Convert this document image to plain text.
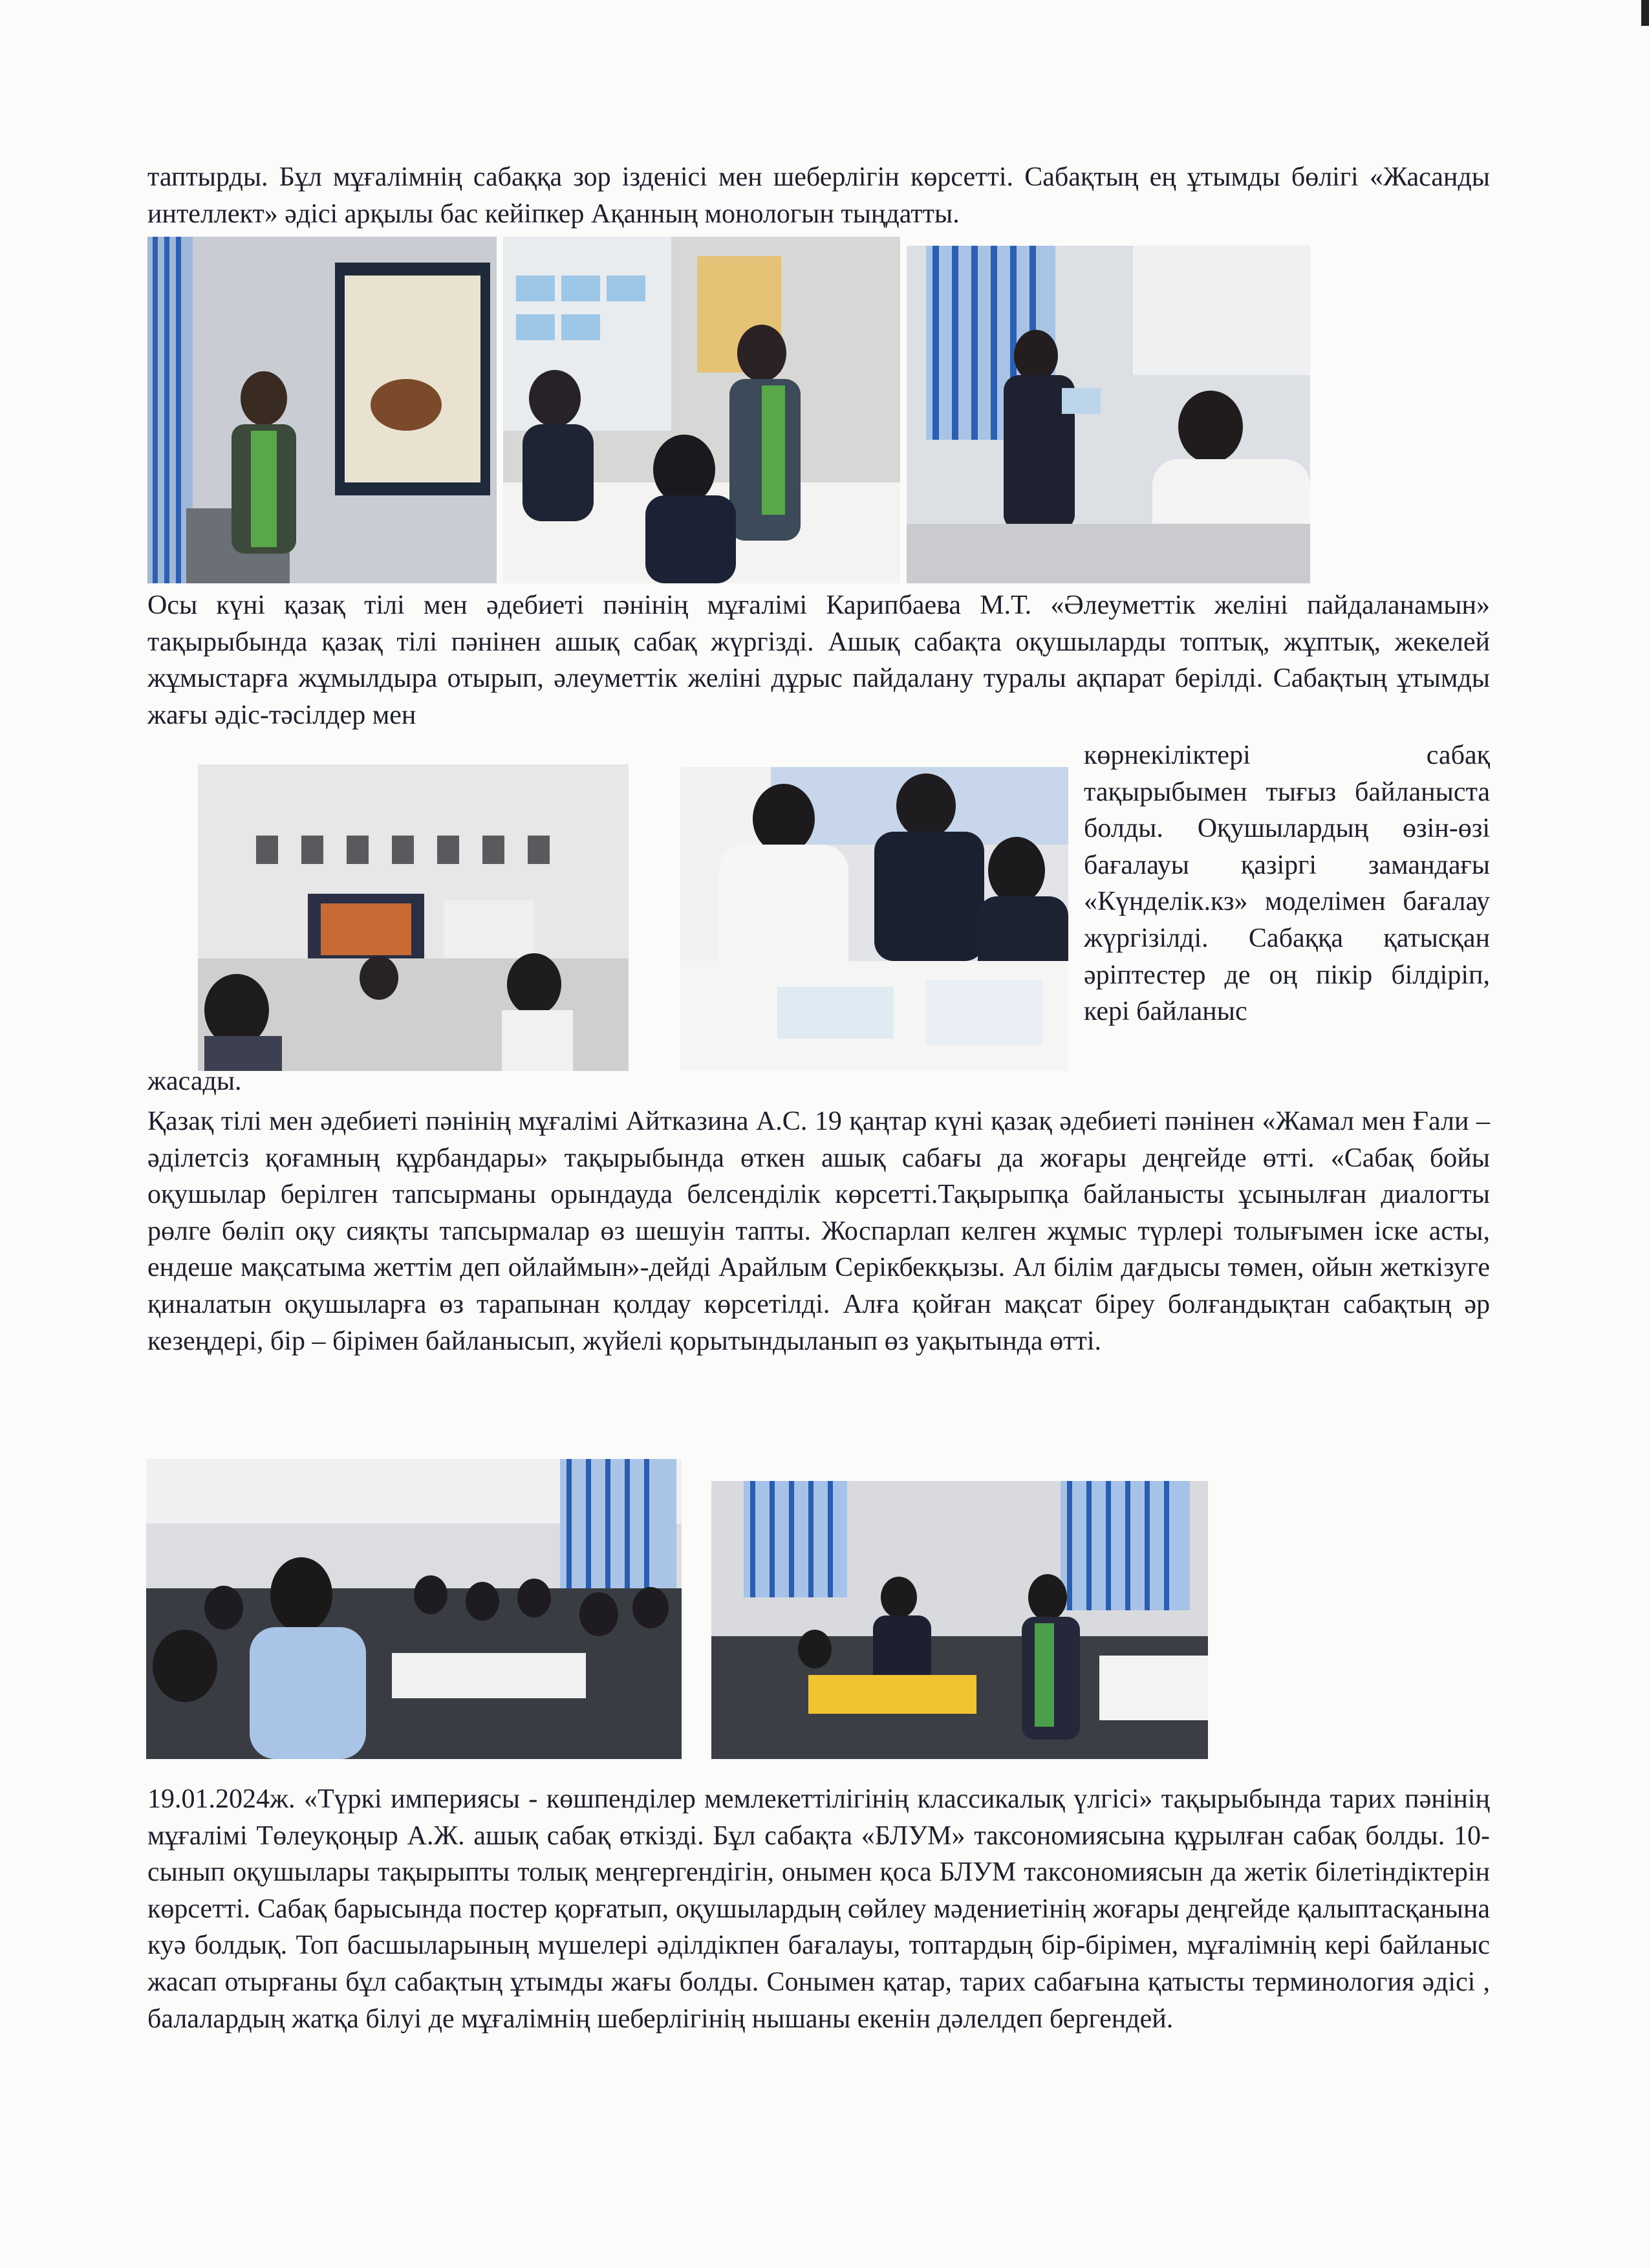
таптырды. Бұл мұғалімнің сабаққа зор ізденісі мен шеберлігін көрсетті. Сабақтың ең ұтымды бөлігі «Жасанды интеллект» әдісі арқылы бас кейіпкер Ақанның монологын тыңдатты.

Осы күні қазақ тілі мен әдебиеті пәнінің мұғалімі Карипбаева М.Т. «Әлеуметтік желіні пайдаланамын» тақырыбында қазақ тілі пәнінен ашық сабақ жүргізді. Ашық сабақта оқушыларды топтық, жұптық, жекелей жұмыстарға жұмылдыра отырып, әлеуметтік желіні дұрыс пайдалану туралы ақпарат берілді. Сабақтың ұтымды жағы әдіс-тәсілдер мен

көрнекіліктері сабақ тақырыбымен тығыз байланыста болды. Оқушылардың өзін-өзі бағалауы қазіргі замандағы «Күнделік.кз» моделімен бағалау жүргізілді. Сабаққа қатысқан әріптестер де оң пікір білдіріп, кері байланыс

жасады.

Қазақ тілі мен әдебиеті пәнінің мұғалімі Айтказина А.С. 19 қаңтар күні қазақ әдебиеті пәнінен «Жамал мен Ғали – әділетсіз қоғамның құрбандары» тақырыбында өткен ашық сабағы да жоғары деңгейде өтті. «Сабақ бойы оқушылар берілген тапсырманы орындауда белсенділік көрсетті.Тақырыпқа байланысты ұсынылған диалогты рөлге бөліп оқу сияқты тапсырмалар өз шешуін тапты. Жоспарлап келген жұмыс түрлері толығымен іске асты, ендеше мақсатыма жеттім деп ойлаймын»-дейді Арайлым Серікбекқызы. Ал білім дағдысы төмен, ойын жеткізуге қиналатын оқушыларға өз тарапынан қолдау көрсетілді. Алға қойған мақсат біреу болғандықтан сабақтың әр кезеңдері, бір – бірімен байланысып, жүйелі қорытындыланып өз уақытында өтті.

19.01.2024ж. «Түркі империясы - көшпенділер мемлекеттілігінің классикалық үлгісі» тақырыбында тарих пәнінің мұғалімі Төлеуқоңыр А.Ж. ашық сабақ өткізді. Бұл сабақта «БЛУМ» таксономиясына құрылған сабақ болды. 10-сынып оқушылары тақырыпты толық меңгергендігін, онымен қоса БЛУМ таксономиясын да жетік білетіндіктерін көрсетті. Сабақ барысында постер қорғатып, оқушылардың сөйлеу мәдениетінің жоғары деңгейде қалыптасқанына куә болдық. Топ басшыларының мүшелері әділдікпен бағалауы, топтардың бір-бірімен, мұғалімнің кері байланыс жасап отырғаны бұл сабақтың ұтымды жағы болды. Сонымен қатар, тарих сабағына қатысты терминология әдісі , балалардың жатқа білуі де мұғалімнің шеберлігінің нышаны екенін дәлелдеп бергендей.
